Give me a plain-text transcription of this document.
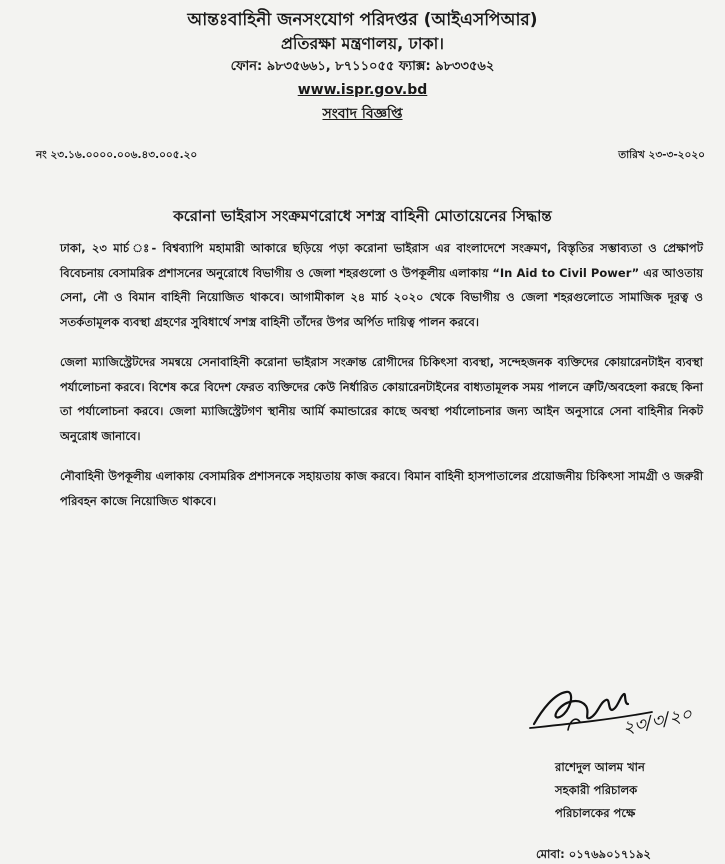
আন্তঃবাহিনী জনসংযোগ পরিদপ্তর (আইএসপিআর)
প্রতিরক্ষা মন্ত্রণালয়, ঢাকা।
ফোন: ৯৮৩৫৬৬১, ৮৭১১০৫৫ ফ্যাক্স: ৯৮৩৩৫৬২
www.ispr.gov.bd
সংবাদ বিজ্ঞপ্তি
নং ২৩.১৬.০০০০.০০৬.৪৩.০০৫.২০	তারিখ ২৩-৩-২০২০
করোনা ভাইরাস সংক্রমণরোধে সশস্ত্র বাহিনী মোতায়েনের সিদ্ধান্ত

ঢাকা, ২৩ মার্চ ঃ- বিশ্বব্যাপি মহামারী আকারে ছড়িয়ে পড়া করোনা ভাইরাস এর বাংলাদেশে সংক্রমণ, বিস্তৃতির সম্ভাব্যতা ও প্রেক্ষাপট বিবেচনায় বেসামরিক প্রশাসনের অনুরোধে বিভাগীয় ও জেলা শহরগুলো ও উপকূলীয় এলাকায় “In Aid to Civil Power” এর আওতায় সেনা, নৌ ও বিমান বাহিনী নিয়োজিত থাকবে। আগামীকাল ২৪ মার্চ ২০২০ থেকে বিভাগীয় ও জেলা শহরগুলোতে সামাজিক দূরত্ব ও সতর্কতামূলক ব্যবস্থা গ্রহণের সুবিধার্থে সশস্ত্র বাহিনী তাঁদের উপর অর্পিত দায়িত্ব পালন করবে।

জেলা ম্যাজিস্ট্রেটদের সমন্বয়ে সেনাবাহিনী করোনা ভাইরাস সংক্রান্ত রোগীদের চিকিৎসা ব্যবস্থা, সন্দেহজনক ব্যক্তিদের কোয়ারেনটাইন ব্যবস্থা পর্যালোচনা করবে। বিশেষ করে বিদেশ ফেরত ব্যক্তিদের কেউ নির্ধারিত কোয়ারেনটাইনের বাধ্যতামূলক সময় পালনে ত্রুটি/অবহেলা করছে কিনা তা পর্যালোচনা করবে। জেলা ম্যাজিস্ট্রেটগণ স্থানীয় আর্মি কমান্ডারের কাছে অবস্থা পর্যালোচনার জন্য আইন অনুসারে সেনা বাহিনীর নিকট অনুরোধ জানাবে।

নৌবাহিনী উপকূলীয় এলাকায় বেসামরিক প্রশাসনকে সহায়তায় কাজ করবে। বিমান বাহিনী হাসপাতালের প্রয়োজনীয় চিকিৎসা সামগ্রী ও জরুরী পরিবহন কাজে নিয়োজিত থাকবে।

২৩/৩/২০
রাশেদুল আলম খান
সহকারী পরিচালক
পরিচালকের পক্ষে
মোবা: ০১৭৬৯০১৭১৯২
